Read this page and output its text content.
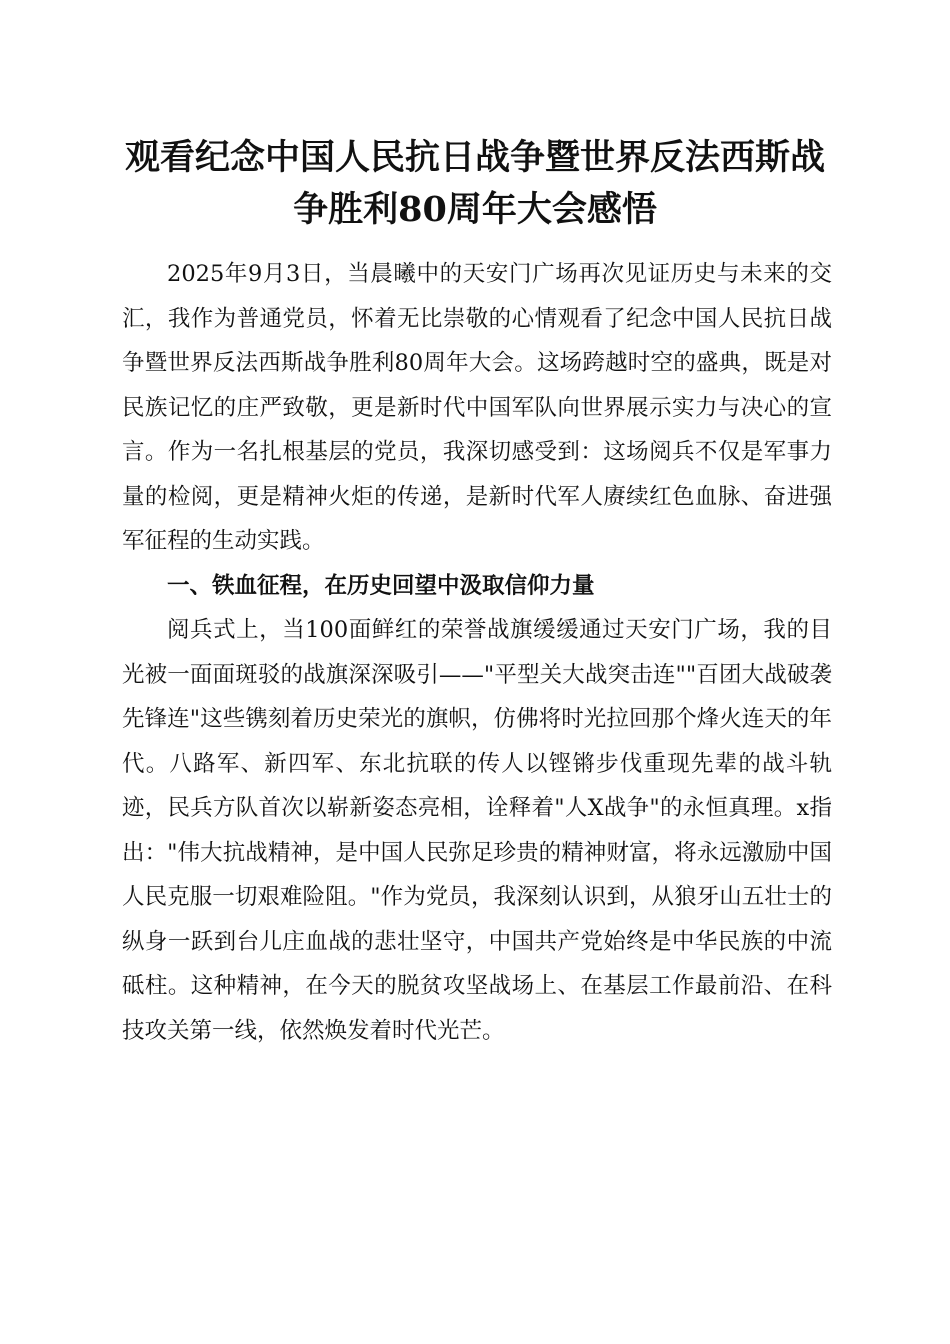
观看纪念中国人民抗日战争暨世界反法西斯战
争胜利80周年大会感悟

2025年9月3日，当晨曦中的天安门广场再次见证历史与未来的交汇，我作为普通党员，怀着无比崇敬的心情观看了纪念中国人民抗日战争暨世界反法西斯战争胜利80周年大会。这场跨越时空的盛典，既是对民族记忆的庄严致敬，更是新时代中国军队向世界展示实力与决心的宣言。作为一名扎根基层的党员，我深切感受到：这场阅兵不仅是军事力量的检阅，更是精神火炬的传递，是新时代军人赓续红色血脉、奋进强军征程的生动实践。

一、铁血征程，在历史回望中汲取信仰力量

阅兵式上，当100面鲜红的荣誉战旗缓缓通过天安门广场，我的目光被一面面斑驳的战旗深深吸引——"平型关大战突击连""百团大战破袭先锋连"这些镌刻着历史荣光的旗帜，仿佛将时光拉回那个烽火连天的年代。八路军、新四军、东北抗联的传人以铿锵步伐重现先辈的战斗轨迹，民兵方队首次以崭新姿态亮相，诠释着"人X战争"的永恒真理。x指出："伟大抗战精神，是中国人民弥足珍贵的精神财富，将永远激励中国人民克服一切艰难险阻。"作为党员，我深刻认识到，从狼牙山五壮士的纵身一跃到台儿庄血战的悲壮坚守，中国共产党始终是中华民族的中流砥柱。这种精神，在今天的脱贫攻坚战场上、在基层工作最前沿、在科技攻关第一线，依然焕发着时代光芒。
